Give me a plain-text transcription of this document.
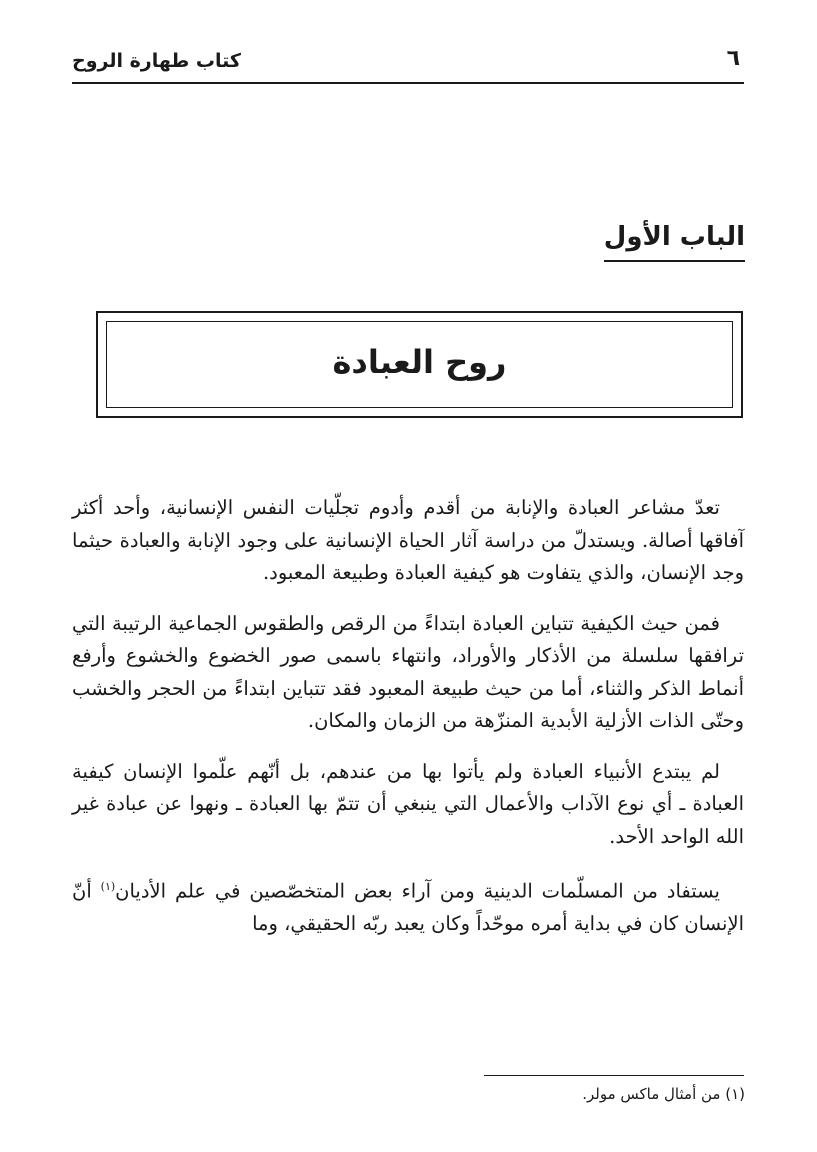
كتاب طهارة الروح	٦
الباب الأول
روح العبادة

تعدّ مشاعر العبادة والإنابة من أقدم وأدوم تجلّيات النفس الإنسانية، وأحد أكثر آفاقها أصالة. ويستدلّ من دراسة آثار الحياة الإنسانية على وجود الإنابة والعبادة حيثما وجد الإنسان، والذي يتفاوت هو كيفية العبادة وطبيعة المعبود.

فمن حيث الكيفية تتباين العبادة ابتداءً من الرقص والطقوس الجماعية الرتيبة التي ترافقها سلسلة من الأذكار والأوراد، وانتهاء باسمى صور الخضوع والخشوع وأرفع أنماط الذكر والثناء، أما من حيث طبيعة المعبود فقد تتباين ابتداءً من الحجر والخشب وحتّى الذات الأزلية الأبدية المنزّهة من الزمان والمكان.

لم يبتدع الأنبياء العبادة ولم يأتوا بها من عندهم، بل أنّهم علّموا الإنسان كيفية العبادة ـ أي نوع الآداب والأعمال التي ينبغي أن تتمّ بها العبادة ـ ونهوا عن عبادة غير الله الواحد الأحد.

يستفاد من المسلّمات الدينية ومن آراء بعض المتخصّصين في علم الأديان$^{(١)}$ أنّ الإنسان كان في بداية أمره موحّداً وكان يعبد ربّه الحقيقي، وما

(١) من أمثال ماكس مولر.
